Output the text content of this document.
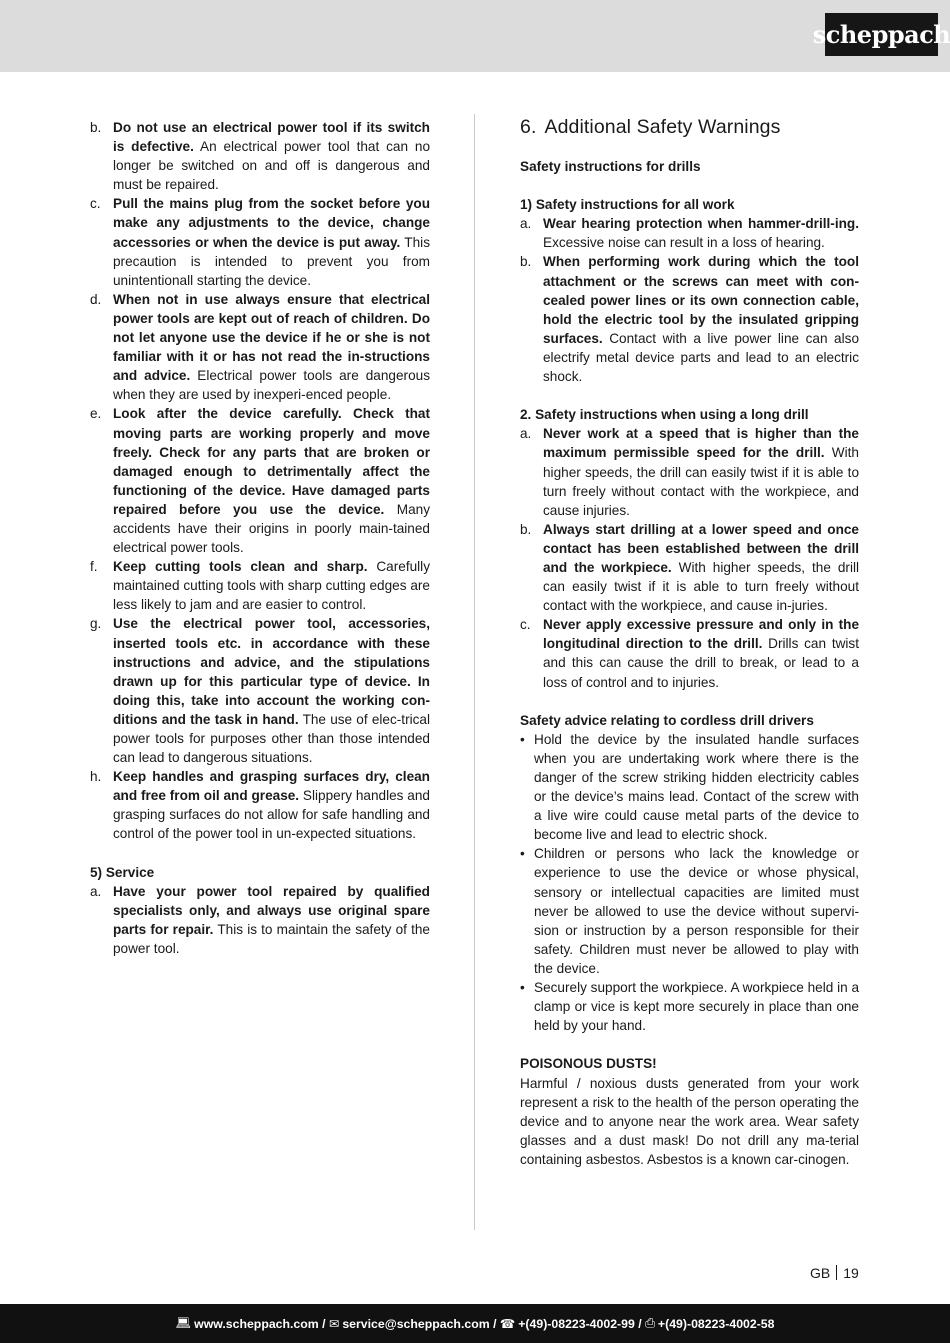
scheppach
b. Do not use an electrical power tool if its switch is defective. An electrical power tool that can no longer be switched on and off is dangerous and must be repaired.
c. Pull the mains plug from the socket before you make any adjustments to the device, change accessories or when the device is put away. This precaution is intended to prevent you from unintentionall starting the device.
d. When not in use always ensure that electrical power tools are kept out of reach of children. Do not let anyone use the device if he or she is not familiar with it or has not read the in-structions and advice. Electrical power tools are dangerous when they are used by inexperi-enced people.
e. Look after the device carefully. Check that moving parts are working properly and move freely. Check for any parts that are broken or damaged enough to detrimentally affect the functioning of the device. Have damaged parts repaired before you use the device. Many accidents have their origins in poorly main-tained electrical power tools.
f. Keep cutting tools clean and sharp. Carefully maintained cutting tools with sharp cutting edges are less likely to jam and are easier to control.
g. Use the electrical power tool, accessories, inserted tools etc. in accordance with these instructions and advice, and the stipulations drawn up for this particular type of device. In doing this, take into account the working con-ditions and the task in hand. The use of elec-trical power tools for purposes other than those intended can lead to dangerous situations.
h. Keep handles and grasping surfaces dry, clean and free from oil and grease. Slippery handles and grasping surfaces do not allow for safe handling and control of the power tool in un-expected situations.
5) Service
a. Have your power tool repaired by qualified specialists only, and always use original spare parts for repair. This is to maintain the safety of the power tool.
6. Additional Safety Warnings
Safety instructions for drills
1) Safety instructions for all work
a. Wear hearing protection when hammer-drill-ing. Excessive noise can result in a loss of hearing.
b. When performing work during which the tool attachment or the screws can meet with con-cealed power lines or its own connection cable, hold the electric tool by the insulated gripping surfaces. Contact with a live power line can also electrify metal device parts and lead to an electric shock.
2. Safety instructions when using a long drill
a. Never work at a speed that is higher than the maximum permissible speed for the drill. With higher speeds, the drill can easily twist if it is able to turn freely without contact with the workpiece, and cause injuries.
b. Always start drilling at a lower speed and once contact has been established between the drill and the workpiece. With higher speeds, the drill can easily twist if it is able to turn freely without contact with the workpiece, and cause in-juries.
c. Never apply excessive pressure and only in the longitudinal direction to the drill. Drills can twist and this can cause the drill to break, or lead to a loss of control and to injuries.
Safety advice relating to cordless drill drivers
• Hold the device by the insulated handle surfaces when you are undertaking work where there is the danger of the screw striking hidden electricity cables or the device’s mains lead. Contact of the screw with a live wire could cause metal parts of the device to become live and lead to electric shock.
• Children or persons who lack the knowledge or experience to use the device or whose physical, sensory or intellectual capacities are limited must never be allowed to use the device without supervi-sion or instruction by a person responsible for their safety. Children must never be allowed to play with the device.
• Securely support the workpiece. A workpiece held in a clamp or vice is kept more securely in place than one held by your hand.
POISONOUS DUSTS!
Harmful / noxious dusts generated from your work represent a risk to the health of the person operating the device and to anyone near the work area. Wear safety glasses and a dust mask! Do not drill any ma-terial containing asbestos. Asbestos is a known car-cinogen.
GB 19
💻︎ www.scheppach.com / ✉︎ service@scheppach.com / ☎ +(49)-08223-4002-99 / ⎙ +(49)-08223-4002-58
